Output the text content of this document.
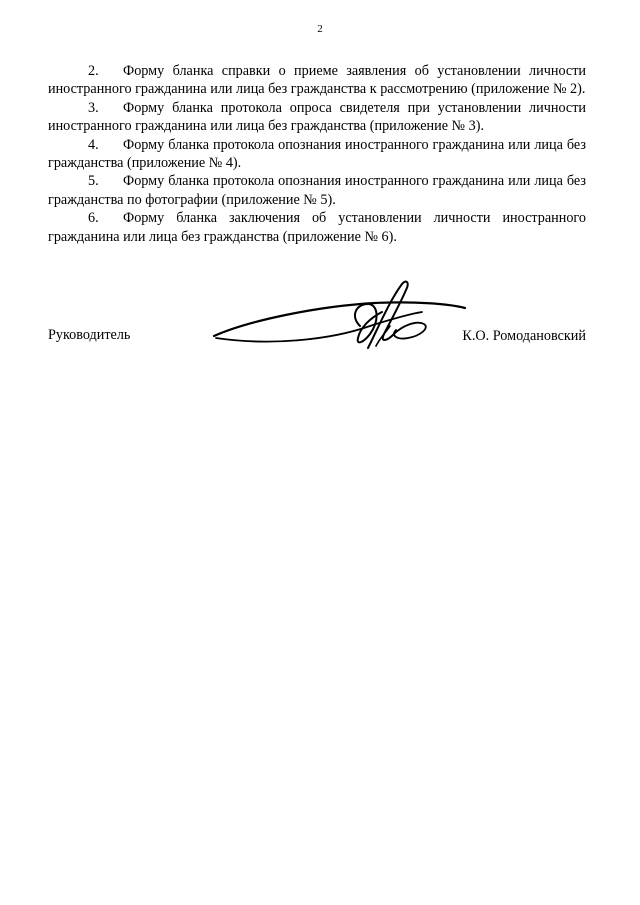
2

2. Форму бланка справки о приеме заявления об установлении личности иностранного гражданина или лица без гражданства к рассмотрению (приложение № 2).

3. Форму бланка протокола опроса свидетеля при установлении личности иностранного гражданина или лица без гражданства (приложение № 3).

4. Форму бланка протокола опознания иностранного гражданина или лица без гражданства (приложение № 4).

5. Форму бланка протокола опознания иностранного гражданина или лица без гражданства по фотографии (приложение № 5).

6. Форму бланка заключения об установлении личности иностранного гражданина или лица без гражданства (приложение № 6).

Руководитель	К.О. Ромодановский
